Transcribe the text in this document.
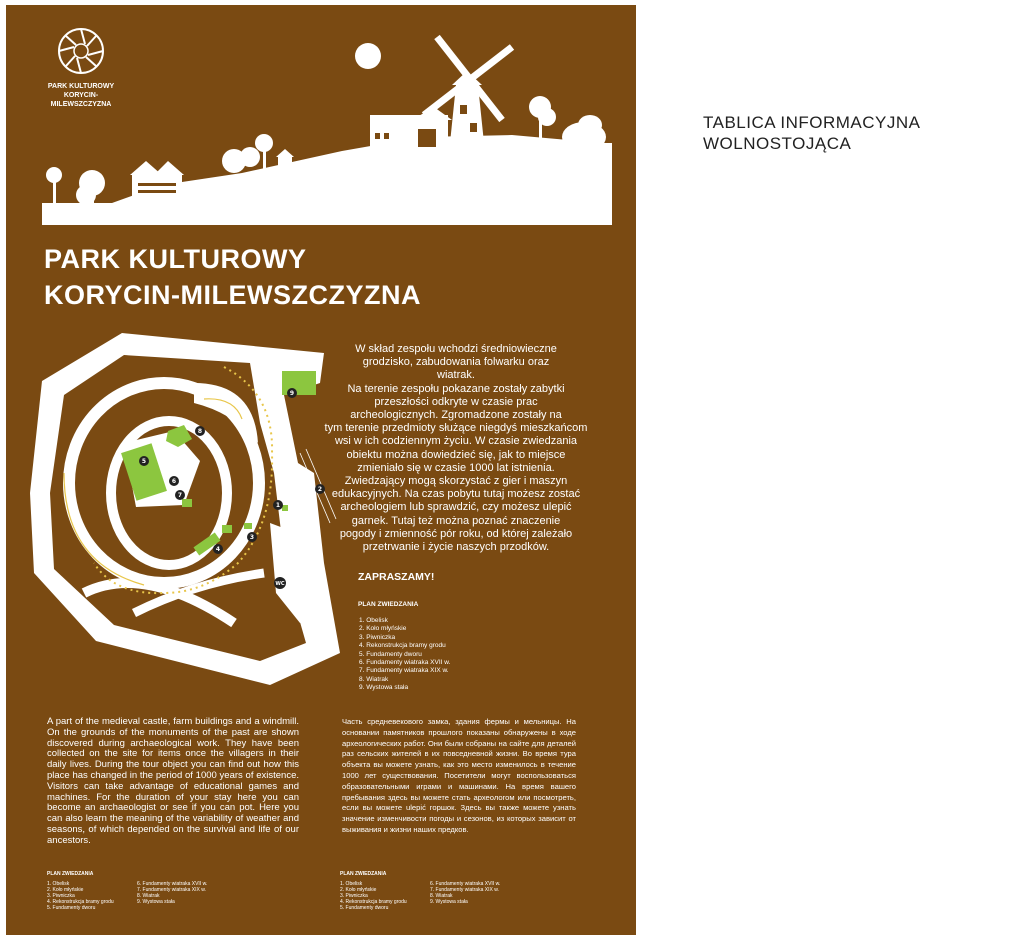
TABLICA INFORMACYJNA
WOLNOSTOJĄCA
PARK KULTUROWY
KORYCIN-MILEWSZCZYZNA
PARK KULTUROWY
KORYCIN-MILEWSZCZYZNA
1
2
3
4
5
6
7
8
9
WC
W skład zespołu wchodzi średniowieczne
grodzisko, zabudowania folwarku oraz
wiatrak.
Na terenie zespołu pokazane zostały zabytki
przeszłości odkryte w czasie prac
archeologicznych. Zgromadzone zostały na
tym terenie przedmioty służące niegdyś mieszkańcom
wsi w ich codziennym życiu. W czasie zwiedzania
obiektu można dowiedzieć się, jak to miejsce
zmieniało się w czasie 1000 lat istnienia.
Zwiedzający mogą skorzystać z gier i maszyn
edukacyjnych. Na czas pobytu tutaj możesz zostać
archeologiem lub sprawdzić, czy możesz ulepić
garnek. Tutaj też można poznać znaczenie
pogody i zmienność pór roku, od której zależało
przetrwanie i życie naszych przodków.
ZAPRASZAMY!
PLAN ZWIEDZANIA
1. Obelisk
2. Koło młyńskie
3. Piwniczka
4. Rekonstrukcja bramy grodu
5. Fundamenty dworu
6. Fundamenty wiatraka XVII w.
7. Fundamenty wiatraka XIX w.
8. Wiatrak
9. Wystowa stała
A part of the medieval castle, farm buildings and a windmill. On the grounds of the monuments of the past are shown discovered during archaeological work. They have been collected on the site for items once the villagers in their daily lives. During the tour object you can find out how this place has changed in the period of 1000 years of existence. Visitors can take advantage of educational games and machines. For the duration of your stay here you can become an archaeologist or see if you can pot. Here you can also learn the meaning of the variability of weather and seasons, of which depended on the survival and life of our ancestors.
Часть средневекового замка, здания фермы и мельницы. На основании памятников прошлого показаны обнаружены в ходе археологических работ. Они были собраны на сайте для деталей раз сельских жителей в их повседневной жизни. Во время тура объекта вы можете узнать, как это место изменилось в течение 1000 лет существования. Посетители могут воспользоваться образовательными играми и машинами. На время вашего пребывания здесь вы можете стать археологом или посмотреть, если вы можете ulepić горшок. Здесь вы также можете узнать значение изменчивости погоды и сезонов, из которых зависит от выживания и жизни наших предков.
PLAN ZWIEDZANIA
1. Obelisk
2. Koło młyńskie
3. Piwniczka
4. Rekonstrukcja bramy grodu
5. Fundamenty dworu
6. Fundamenty wiatraka XVII w.
7. Fundamenty wiatraka XIX w.
8. Wiatrak
9. Wystowa stała
PLAN ZWIEDZANIA
1. Obelisk
2. Koło młyńskie
3. Piwniczka
4. Rekonstrukcja bramy grodu
5. Fundamenty dworu
6. Fundamenty wiatraka XVII w.
7. Fundamenty wiatraka XIX w.
8. Wiatrak
9. Wystowa stała
